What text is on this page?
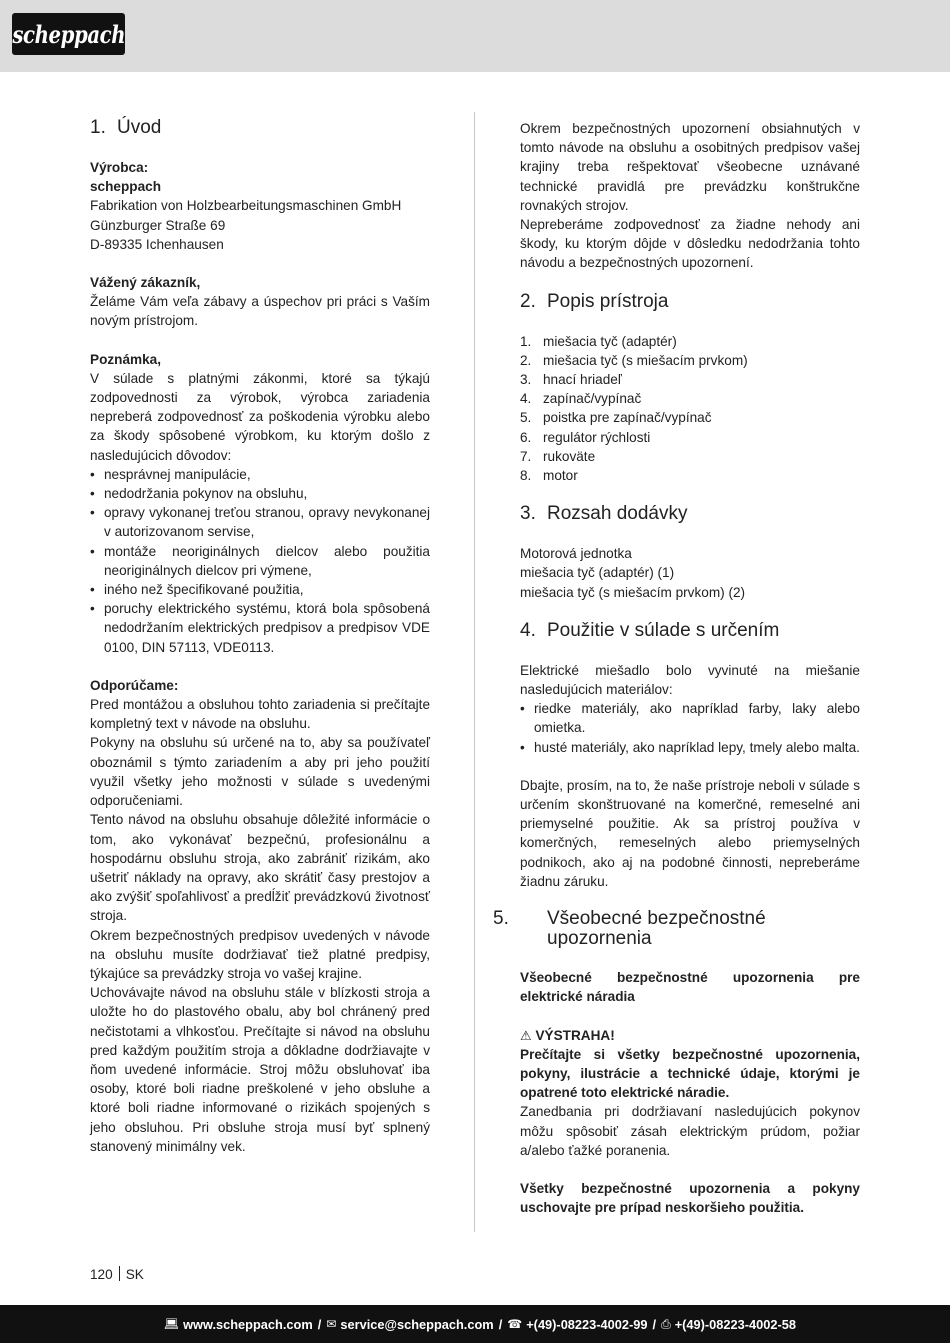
scheppach
1. Úvod

Výrobca:

scheppach

Fabrikation von Holzbearbeitungsmaschinen GmbH

Günzburger Straße 69

D-89335 Ichenhausen

Vážený zákazník,

Želáme Vám veľa zábavy a úspechov pri práci s Vaším novým prístrojom.

Poznámka,

V súlade s platnými zákonmi, ktoré sa týkajú zodpovednosti za výrobok, výrobca zariadenia nepreberá zodpovednosť za poškodenia výrobku alebo za škody spôsobené výrobkom, ku ktorým došlo z nasledujúcich dôvodov:

• nesprávnej manipulácie,
• nedodržania pokynov na obsluhu,
• opravy vykonanej treťou stranou, opravy nevykonanej v autorizovanom servise,
• montáže neoriginálnych dielcov alebo použitia neoriginálnych dielcov pri výmene,
• iného než špecifikované použitia,
• poruchy elektrického systému, ktorá bola spôsobená nedodržaním elektrických predpisov a predpisov VDE 0100, DIN 57113, VDE0113.

Odporúčame:

Pred montážou a obsluhou tohto zariadenia si prečítajte kompletný text v návode na obsluhu.

Pokyny na obsluhu sú určené na to, aby sa používateľ oboznámil s týmto zariadením a aby pri jeho použití využil všetky jeho možnosti v súlade s uvedenými odporučeniami.

Tento návod na obsluhu obsahuje dôležité informácie o tom, ako vykonávať bezpečnú, profesionálnu a hospodárnu obsluhu stroja, ako zabrániť rizikám, ako ušetriť náklady na opravy, ako skrátiť časy prestojov a ako zvýšiť spoľahlivosť a predĺžiť prevádzkovú životnosť stroja.

Okrem bezpečnostných predpisov uvedených v návode na obsluhu musíte dodržiavať tiež platné predpisy, týkajúce sa prevádzky stroja vo vašej krajine.

Uchovávajte návod na obsluhu stále v blízkosti stroja a uložte ho do plastového obalu, aby bol chránený pred nečistotami a vlhkosťou. Prečítajte si návod na obsluhu pred každým použitím stroja a dôkladne dodržiavajte v ňom uvedené informácie. Stroj môžu obsluhovať iba osoby, ktoré boli riadne preškolené v jeho obsluhe a ktoré boli riadne informované o rizikách spojených s jeho obsluhou. Pri obsluhe stroja musí byť splnený stanovený minimálny vek.

Okrem bezpečnostných upozornení obsiahnutých v tomto návode na obsluhu a osobitných predpisov vašej krajiny treba rešpektovať všeobecne uznávané technické pravidlá pre prevádzku konštrukčne rovnakých strojov.

Nepreberáme zodpovednosť za žiadne nehody ani škody, ku ktorým dôjde v dôsledku nedodržania tohto návodu a bezpečnostných upozornení.

2. Popis prístroja
1. miešacia tyč (adaptér)
2. miešacia tyč (s miešacím prvkom)
3. hnací hriadeľ
4. zapínač/vypínač
5. poistka pre zapínač/vypínač
6. regulátor rýchlosti
7. rukoväte
8. motor
3. Rozsah dodávky

Motorová jednotka

miešacia tyč (adaptér) (1)

miešacia tyč (s miešacím prvkom) (2)

4. Použitie v súlade s určením

Elektrické miešadlo bolo vyvinuté na miešanie nasledujúcich materiálov:

• riedke materiály, ako napríklad farby, laky alebo omietka.
• husté materiály, ako napríklad lepy, tmely alebo malta.

Dbajte, prosím, na to, že naše prístroje neboli v súlade s určením skonštruované na komerčné, remeselné ani priemyselné použitie. Ak sa prístroj používa v komerčných, remeselných alebo priemyselných podnikoch, ako aj na podobné činnosti, nepreberáme žiadnu záruku.

5. Všeobecné bezpečnostné upozornenia

Všeobecné bezpečnostné upozornenia pre elektrické náradia

⚠ VÝSTRAHA!

Prečítajte si všetky bezpečnostné upozornenia, pokyny, ilustrácie a technické údaje, ktorými je opatrené toto elektrické náradie.

Zanedbania pri dodržiavaní nasledujúcich pokynov môžu spôsobiť zásah elektrickým prúdom, požiar a/alebo ťažké poranenia.

Všetky bezpečnostné upozornenia a pokyny uschovajte pre prípad neskoršieho použitia.

120 SK
💻︎ www.scheppach.com / ✉︎ service@scheppach.com / ☎︎ +(49)-08223-4002-99 / ⎙ +(49)-08223-4002-58
